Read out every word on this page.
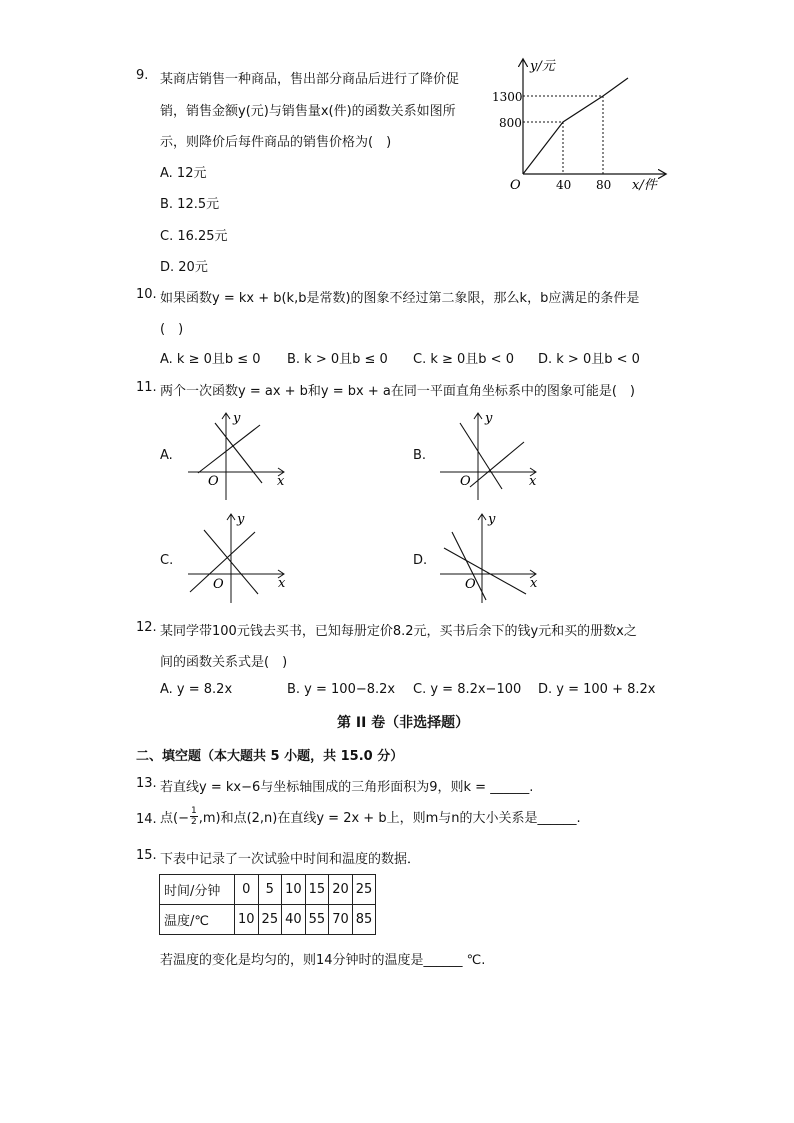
9. 某商店销售一种商品，售出部分商品后进行了降价促
销，销售金额y(元)与销售量x(件)的函数关系如图所
示，则降价后每件商品的销售价格为(　)
A. 12元
B. 12.5元
C. 16.25元
D. 20元
y/元
x/件
O
1300
800
40 80
10. 如果函数y = kx + b(k,b是常数)的图象不经过第二象限，那么k，b应满足的条件是
(　)
A. k ≥ 0且b ≤ 0 B. k > 0且b ≤ 0 C. k ≥ 0且b < 0 D. k > 0且b < 0
11. 两个一次函数y = ax + b和y = bx + a在同一平面直角坐标系中的图象可能是(　)
A.
y
x
O
B.
y
x
O
C.
y
x
O
D.
y
x
O
12. 某同学带100元钱去买书，已知每册定价8.2元，买书后余下的钱y元和买的册数x之
间的函数关系式是(　)
A. y = 8.2x	B. y = 100−8.2x C. y = 8.2x−100 D. y = 100 + 8.2x
第 II 卷（非选择题）
二、填空题（本大题共 5 小题，共 15.0 分）
13. 若直线y = kx−6与坐标轴围成的三角形面积为9，则k = ______.
14. 点(− $\frac{1}{2} ,m$)和点(2,n)在直线y = 2x + b上，则m与n的大小关系是______.
15. 下表中记录了一次试验中时间和温度的数据．
时间/分钟	0	5	10	15	20	25
温度/℃	10	25	40	55	70	85
若温度的变化是均匀的，则14分钟时的温度是______ ℃.
